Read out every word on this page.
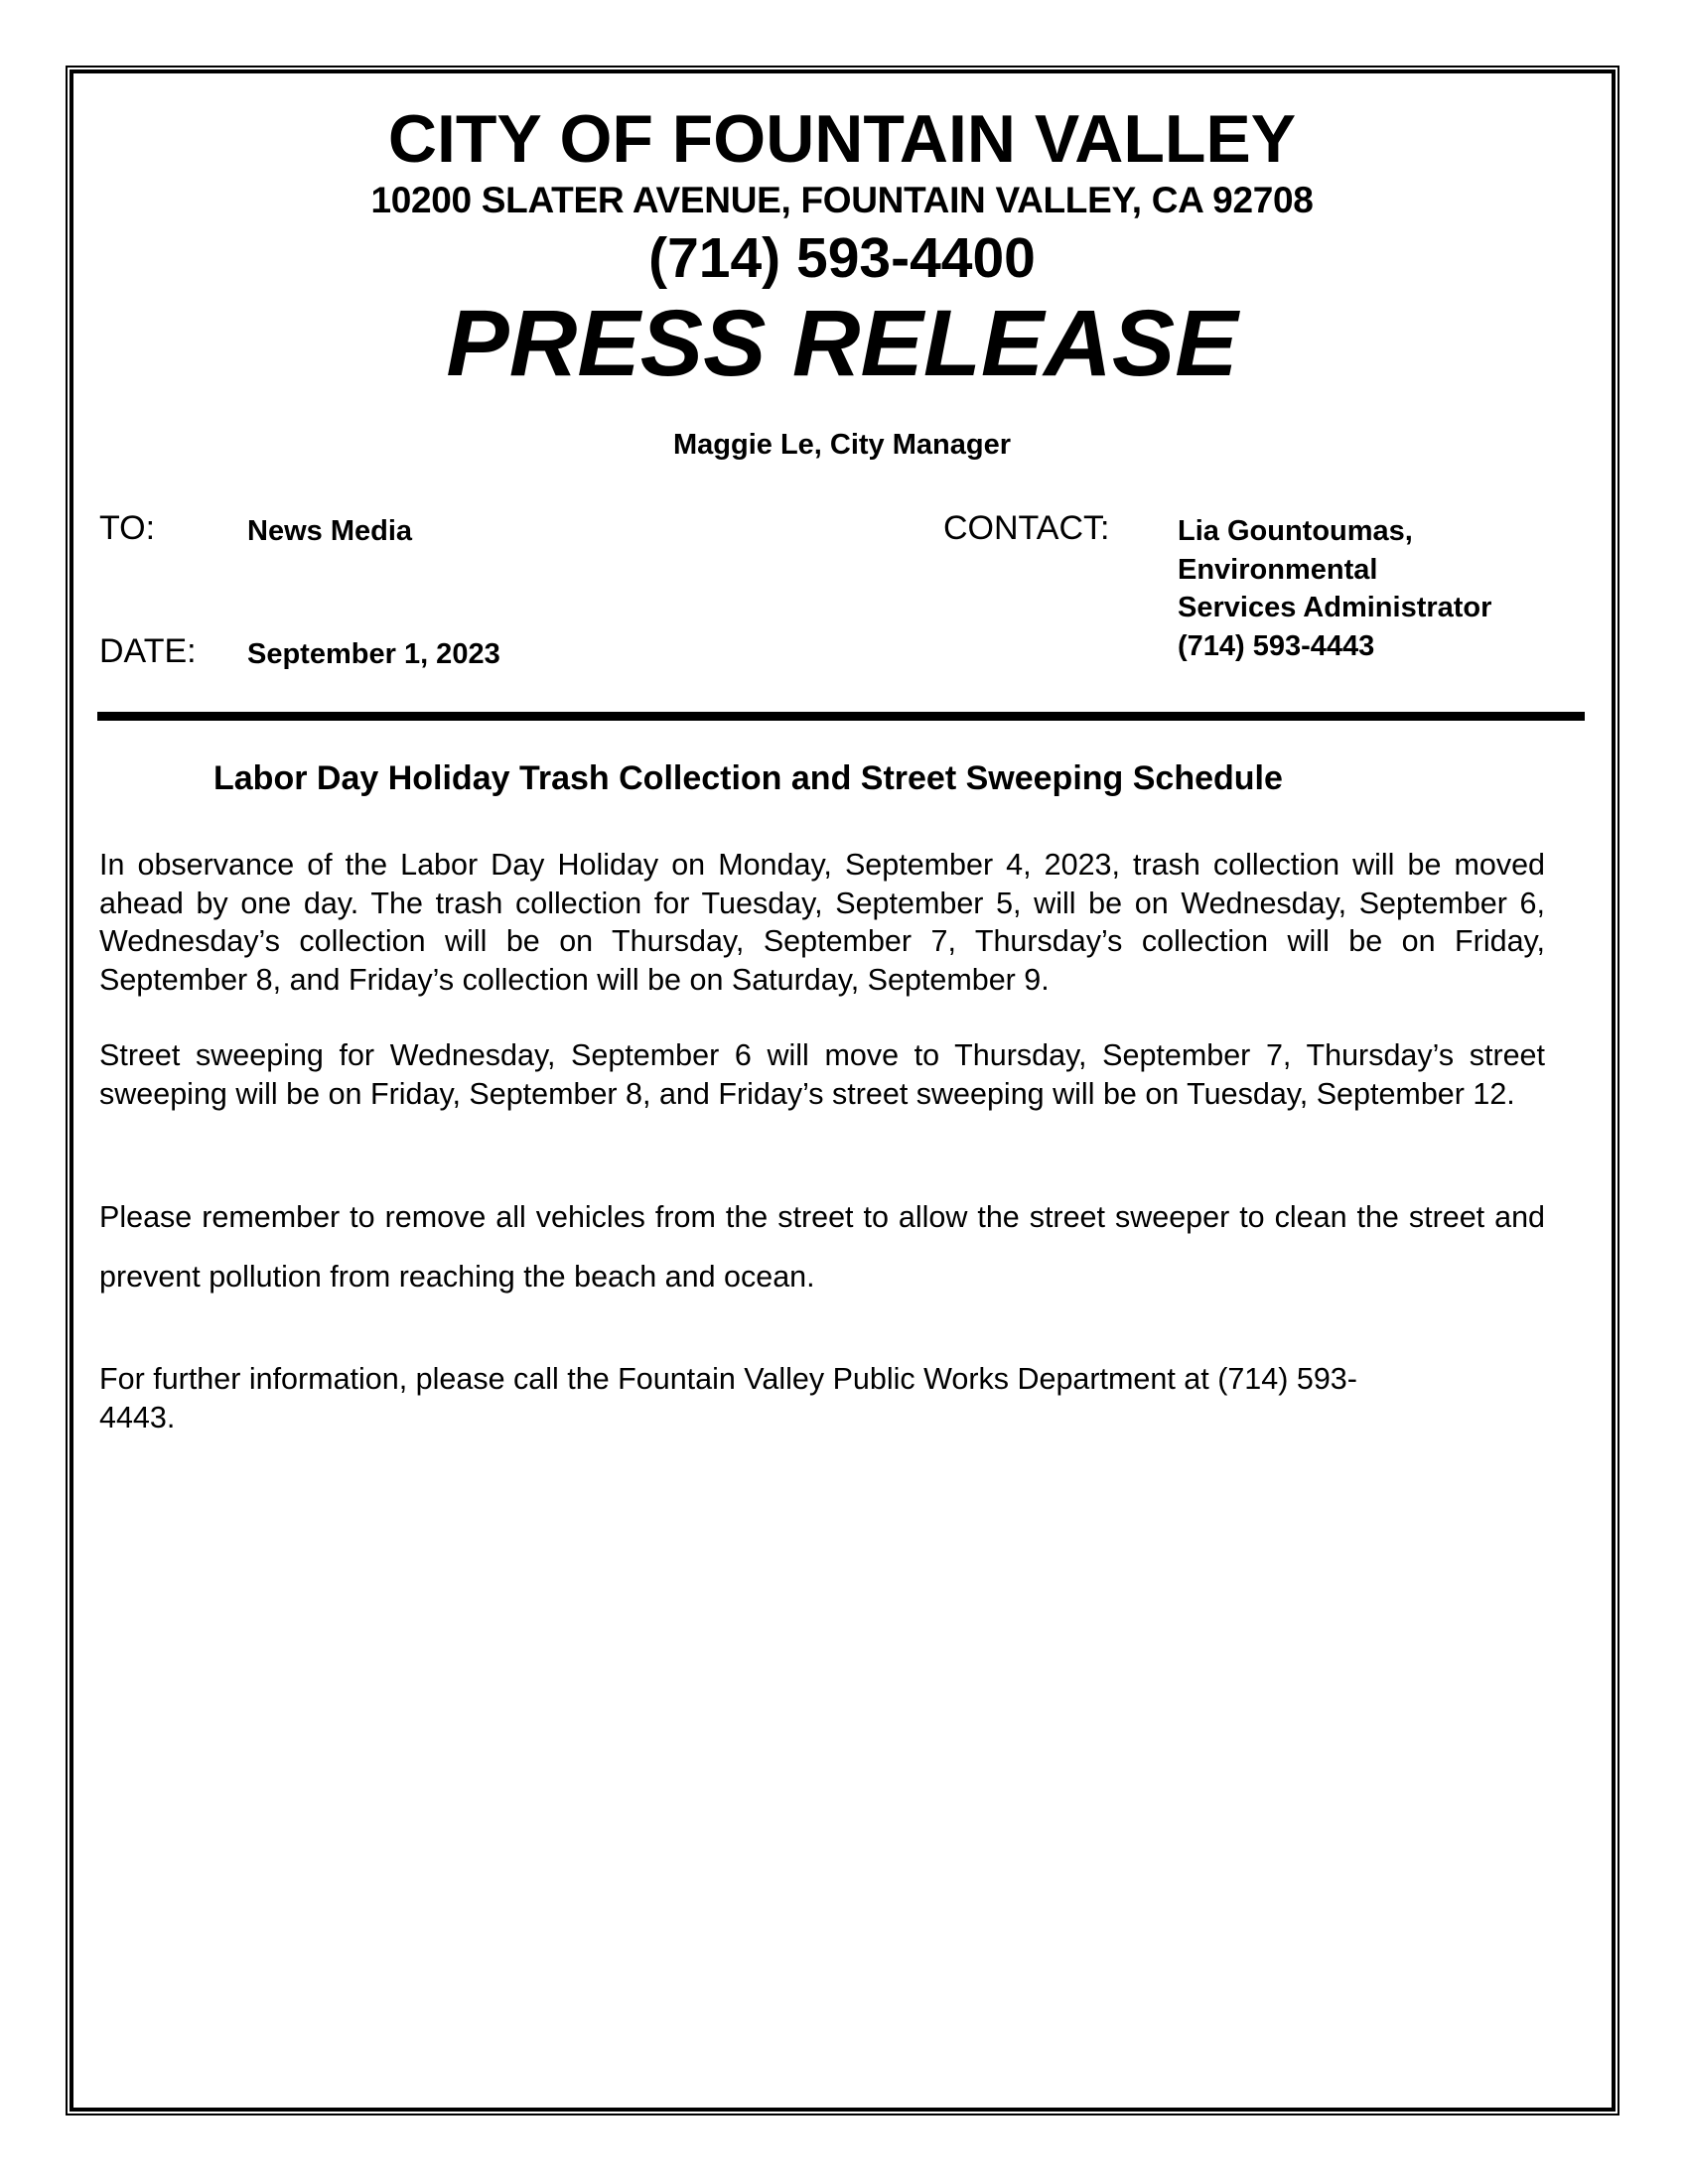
CITY OF FOUNTAIN VALLEY
10200 SLATER AVENUE, FOUNTAIN VALLEY, CA 92708
(714) 593-4400
PRESS RELEASE
Maggie Le, City Manager
TO:	News Media
DATE: September 1, 2023
CONTACT: Lia Gountoumas,
Environmental
Services Administrator
(714) 593-4443
Labor Day Holiday Trash Collection and Street Sweeping Schedule
In observance of the Labor Day Holiday on Monday, September 4, 2023, trash collection will be moved ahead by one day. The trash collection for Tuesday, September 5, will be on Wednesday, September 6, Wednesday’s collection will be on Thursday, September 7, Thursday’s collection will be on Friday, September 8, and Friday’s collection will be on Saturday, September 9.
Street sweeping for Wednesday, September 6 will move to Thursday, September 7, Thursday’s street sweeping will be on Friday, September 8, and Friday’s street sweeping will be on Tuesday, September 12.
Please remember to remove all vehicles from the street to allow the street sweeper to clean the street and prevent pollution from reaching the beach and ocean.
For further information, please call the Fountain Valley Public Works Department at (714) 593-4443.
